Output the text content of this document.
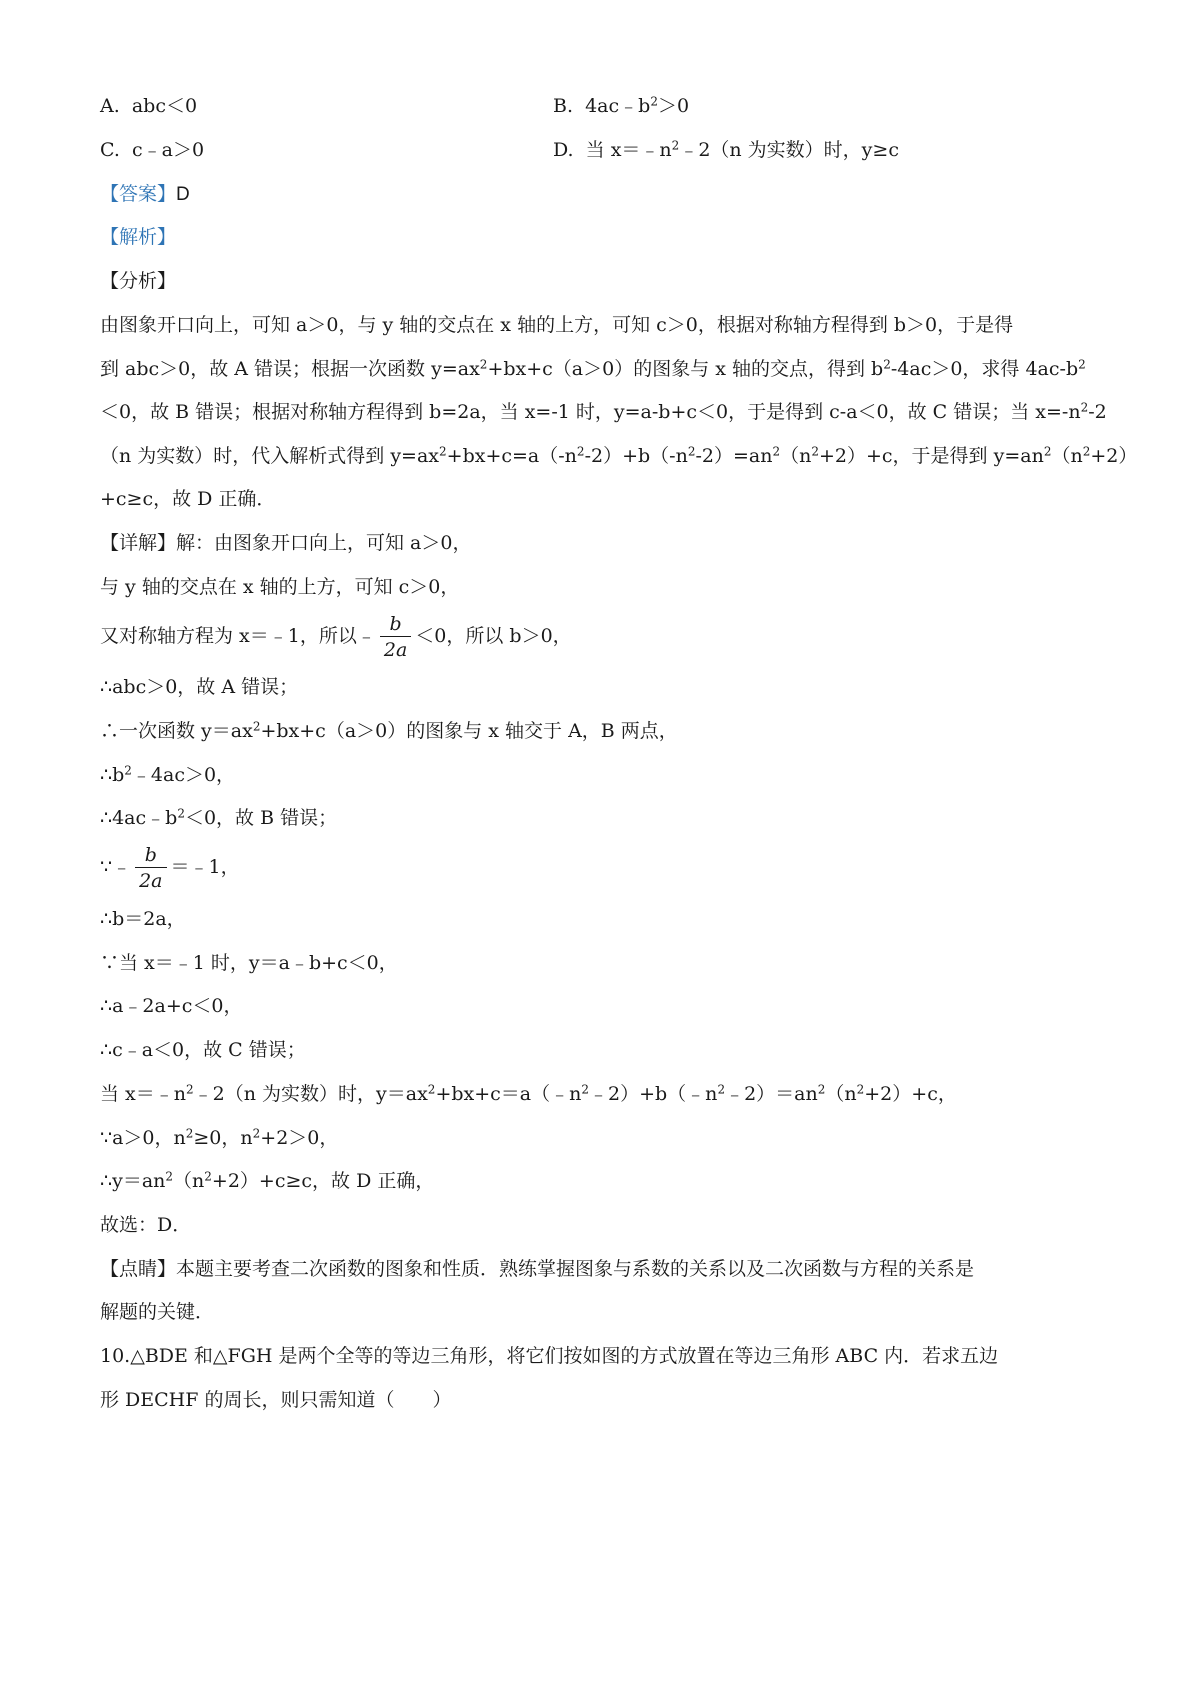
A.  abc＜0	B.  $4ac﹣b^2>0$
C.  c﹣a＞0	D.  当 $x=﹣n^2﹣2(n$ 为实数）时，y≥c
【答案】D
【解析】
【分析】
由图象开口向上，可知 a＞0，与 y 轴的交点在 x 轴的上方，可知 c＞0，根据对称轴方程得到 b＞0，于是得
到 abc＞0，故 A 错误；根据一次函数 $y=ax^2+bx+c(a>0)$的图象与 x 轴的交点，得到 $b^2-4ac>0$，求得 $4ac-b^2$
＜0，故 B 错误；根据对称轴方程得到 b=2a，当 x=-1 时，y=a-b+c＜0，于是得到 c-a＜0，故 C 错误；当 $x=-n^2-2$
（n 为实数）时，代入解析式得到 $y=ax^2+bx+c=a(-n^2-2)+b(-n^2-2)=an^2(n^2+2)+c$，于是得到 $y=an^2(n^2+2)$
+c≥c，故 D 正确．
【详解】解：由图象开口向上，可知 a＞0，
与 y 轴的交点在 x 轴的上方，可知 c＞0，
又对称轴方程为 x＝﹣1，所以﹣ $\frac{b}{2a} <0$，所以 b＞0，
∴abc＞0，故 A 错误；
∴一次函数 $y=ax^2+bx+c(a>0)$的图象与 x 轴交于 A，B 两点，
$\therefore b^2﹣4ac>0$，
$\therefore 4ac﹣b^2<0$，故 B 错误；
∵﹣ $\frac{b}{2a}$ ＝﹣1，
∴b＝2a，
∵当 x＝﹣1 时，y＝a﹣b+c＜0，
∴a﹣2a+c＜0，
∴c﹣a＜0，故 C 错误；
当 $x=﹣n^2﹣2(n$ 为实数）时，$y=ax^2+bx+c=a(﹣n^2﹣2)+b(﹣n^2﹣2)=an^2(n^2+2)+c$，
∵a＞0，$n^2\ge 0$，$n^2+2>0$，
$\therefore y=an^2(n^2+2)+c\ge c$，故 D 正确，
故选：D．
【点睛】本题主要考查二次函数的图象和性质．熟练掌握图象与系数的关系以及二次函数与方程的关系是
解题的关键．
10.△BDE 和△FGH 是两个全等的等边三角形，将它们按如图的方式放置在等边三角形 ABC 内．若求五边
形 DECHF 的周长，则只需知道（　　）
